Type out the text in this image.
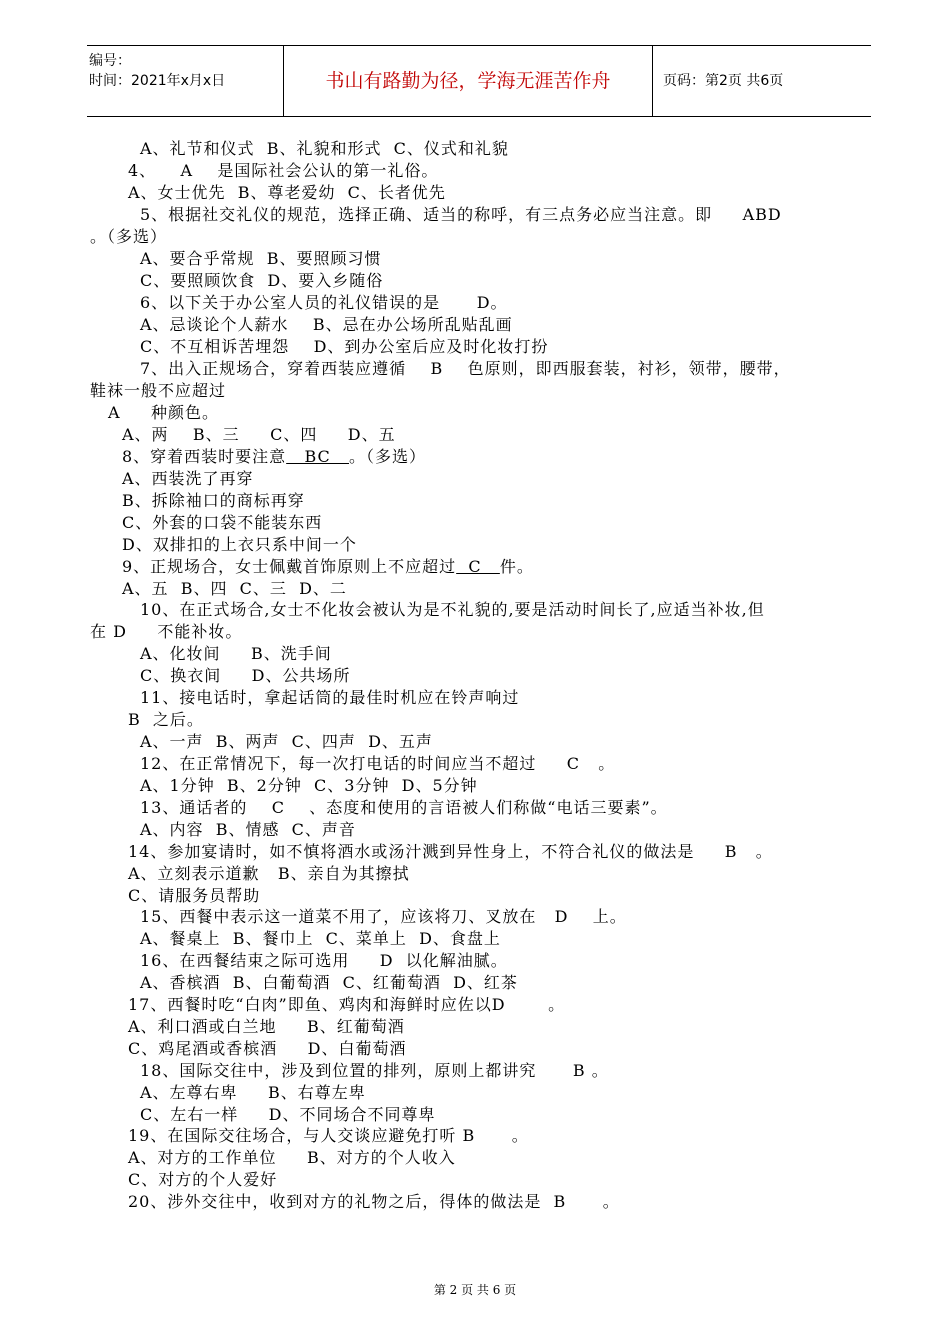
编号：
时间：2021年x月x日	书山有路勤为径，学海无涯苦作舟	页码：第2页 共6页
A、礼节和仪式  B、礼貌和形式  C、仪式和礼貌
4、    A    是国际社会公认的第一礼俗。
A、女士优先  B、尊老爱幼  C、长者优先
5、根据社交礼仪的规范，选择正确、适当的称呼，有三点务必应当注意。即     ABD
。（多选）
A、要合乎常规  B、要照顾习惯
C、要照顾饮食  D、要入乡随俗
6、以下关于办公室人员的礼仪错误的是      D。
A、忌谈论个人薪水    B、忌在办公场所乱贴乱画
C、不互相诉苦埋怨    D、到办公室后应及时化妆打扮
7、出入正规场合，穿着西装应遵循    B    色原则，即西服套装，衬衫，领带，腰带，
鞋袜一般不应超过
A     种颜色。
A、两    B、三     C、四     D、五
8、穿着西装时要注意   BC   。（多选）
A、西装洗了再穿
B、拆除袖口的商标再穿
C、外套的口袋不能装东西
D、双排扣的上衣只系中间一个
9、正规场合，女士佩戴首饰原则上不应超过  C   件。
A、五  B、四  C、三  D、二
10、在正式场合,女士不化妆会被认为是不礼貌的,要是活动时间长了,应适当补妆,但
在 D     不能补妆。
A、化妆间     B、洗手间
C、换衣间     D、公共场所
11、接电话时，拿起话筒的最佳时机应在铃声响过
B  之后。
A、一声  B、两声  C、四声  D、五声
12、在正常情况下，每一次打电话的时间应当不超过     C   。
A、1分钟  B、2分钟  C、3分钟  D、5分钟
13、通话者的    C    、态度和使用的言语被人们称做“电话三要素”。
A、内容  B、情感  C、声音
14、参加宴请时，如不慎将酒水或汤汁溅到异性身上，不符合礼仪的做法是     B   。
A、立刻表示道歉   B、亲自为其擦拭
C、请服务员帮助
15、西餐中表示这一道菜不用了，应该将刀、叉放在   D    上。
A、餐桌上  B、餐巾上  C、菜单上  D、食盘上
16、在西餐结束之际可选用     D  以化解油腻。
A、香槟酒  B、白葡萄酒  C、红葡萄酒  D、红茶
17、西餐时吃“白肉”即鱼、鸡肉和海鲜时应佐以D       。
A、利口酒或白兰地     B、红葡萄酒
C、鸡尾酒或香槟酒     D、白葡萄酒
18、国际交往中，涉及到位置的排列，原则上都讲究      B 。
A、左尊右卑     B、右尊左卑
C、左右一样     D、不同场合不同尊卑
19、在国际交往场合，与人交谈应避免打听 B      。
A、对方的工作单位     B、对方的个人收入
C、对方的个人爱好
20、涉外交往中，收到对方的礼物之后，得体的做法是  B      。
第 2 页 共 6 页
